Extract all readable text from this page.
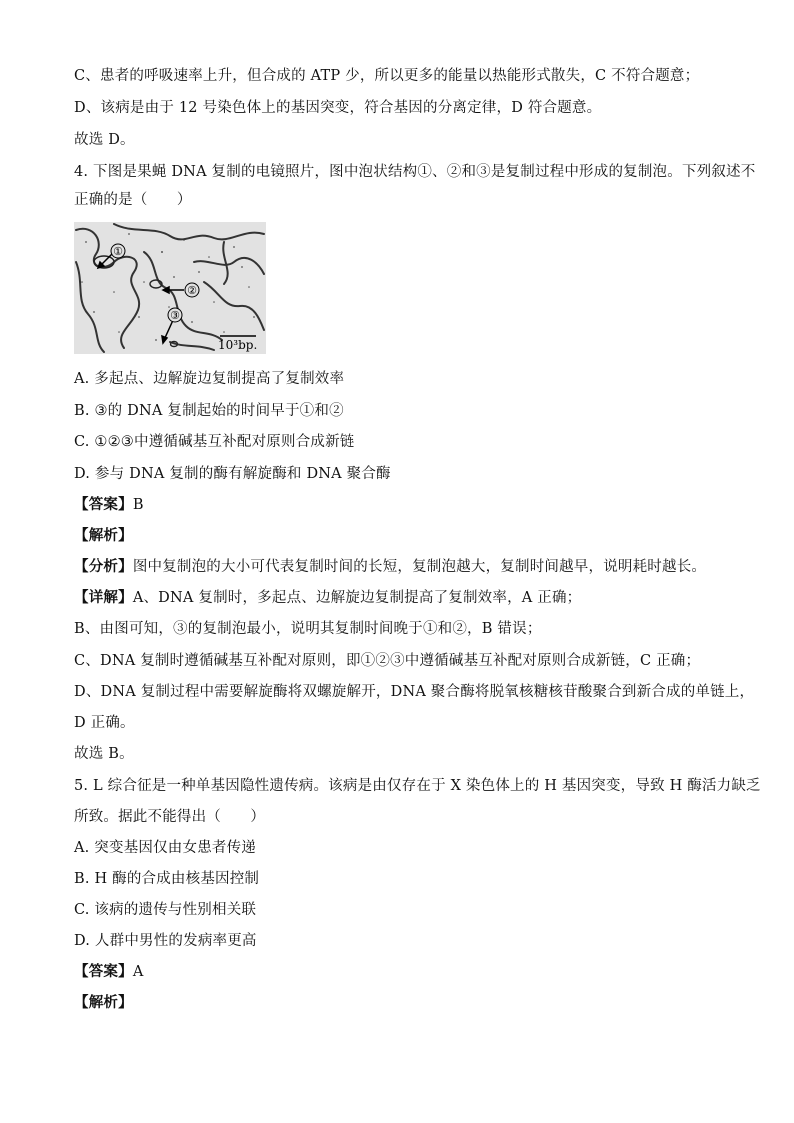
C、患者的呼吸速率上升，但合成的 ATP 少，所以更多的能量以热能形式散失，C 不符合题意；
D、该病是由于 12 号染色体上的基因突变，符合基因的分离定律，D 符合题意。
故选 D。
4. 下图是果蝇 DNA 复制的电镜照片，图中泡状结构①、②和③是复制过程中形成的复制泡。下列叙述不
正确的是（　　）
①
②
③
10³bp.
A. 多起点、边解旋边复制提高了复制效率
B. ③的 DNA 复制起始的时间早于①和②
C. ①②③中遵循碱基互补配对原则合成新链
D. 参与 DNA 复制的酶有解旋酶和 DNA 聚合酶
【答案】B
【解析】
【分析】图中复制泡的大小可代表复制时间的长短，复制泡越大，复制时间越早，说明耗时越长。
【详解】A、DNA 复制时，多起点、边解旋边复制提高了复制效率，A 正确；
B、由图可知，③的复制泡最小，说明其复制时间晚于①和②，B 错误；
C、DNA 复制时遵循碱基互补配对原则，即①②③中遵循碱基互补配对原则合成新链，C 正确；
D、DNA 复制过程中需要解旋酶将双螺旋解开，DNA 聚合酶将脱氧核糖核苷酸聚合到新合成的单链上，
D 正确。
故选 B。
5. L 综合征是一种单基因隐性遗传病。该病是由仅存在于 X 染色体上的 H 基因突变，导致 H 酶活力缺乏
所致。据此不能得出（　　）
A. 突变基因仅由女患者传递
B. H 酶的合成由核基因控制
C. 该病的遗传与性别相关联
D. 人群中男性的发病率更高
【答案】A
【解析】
